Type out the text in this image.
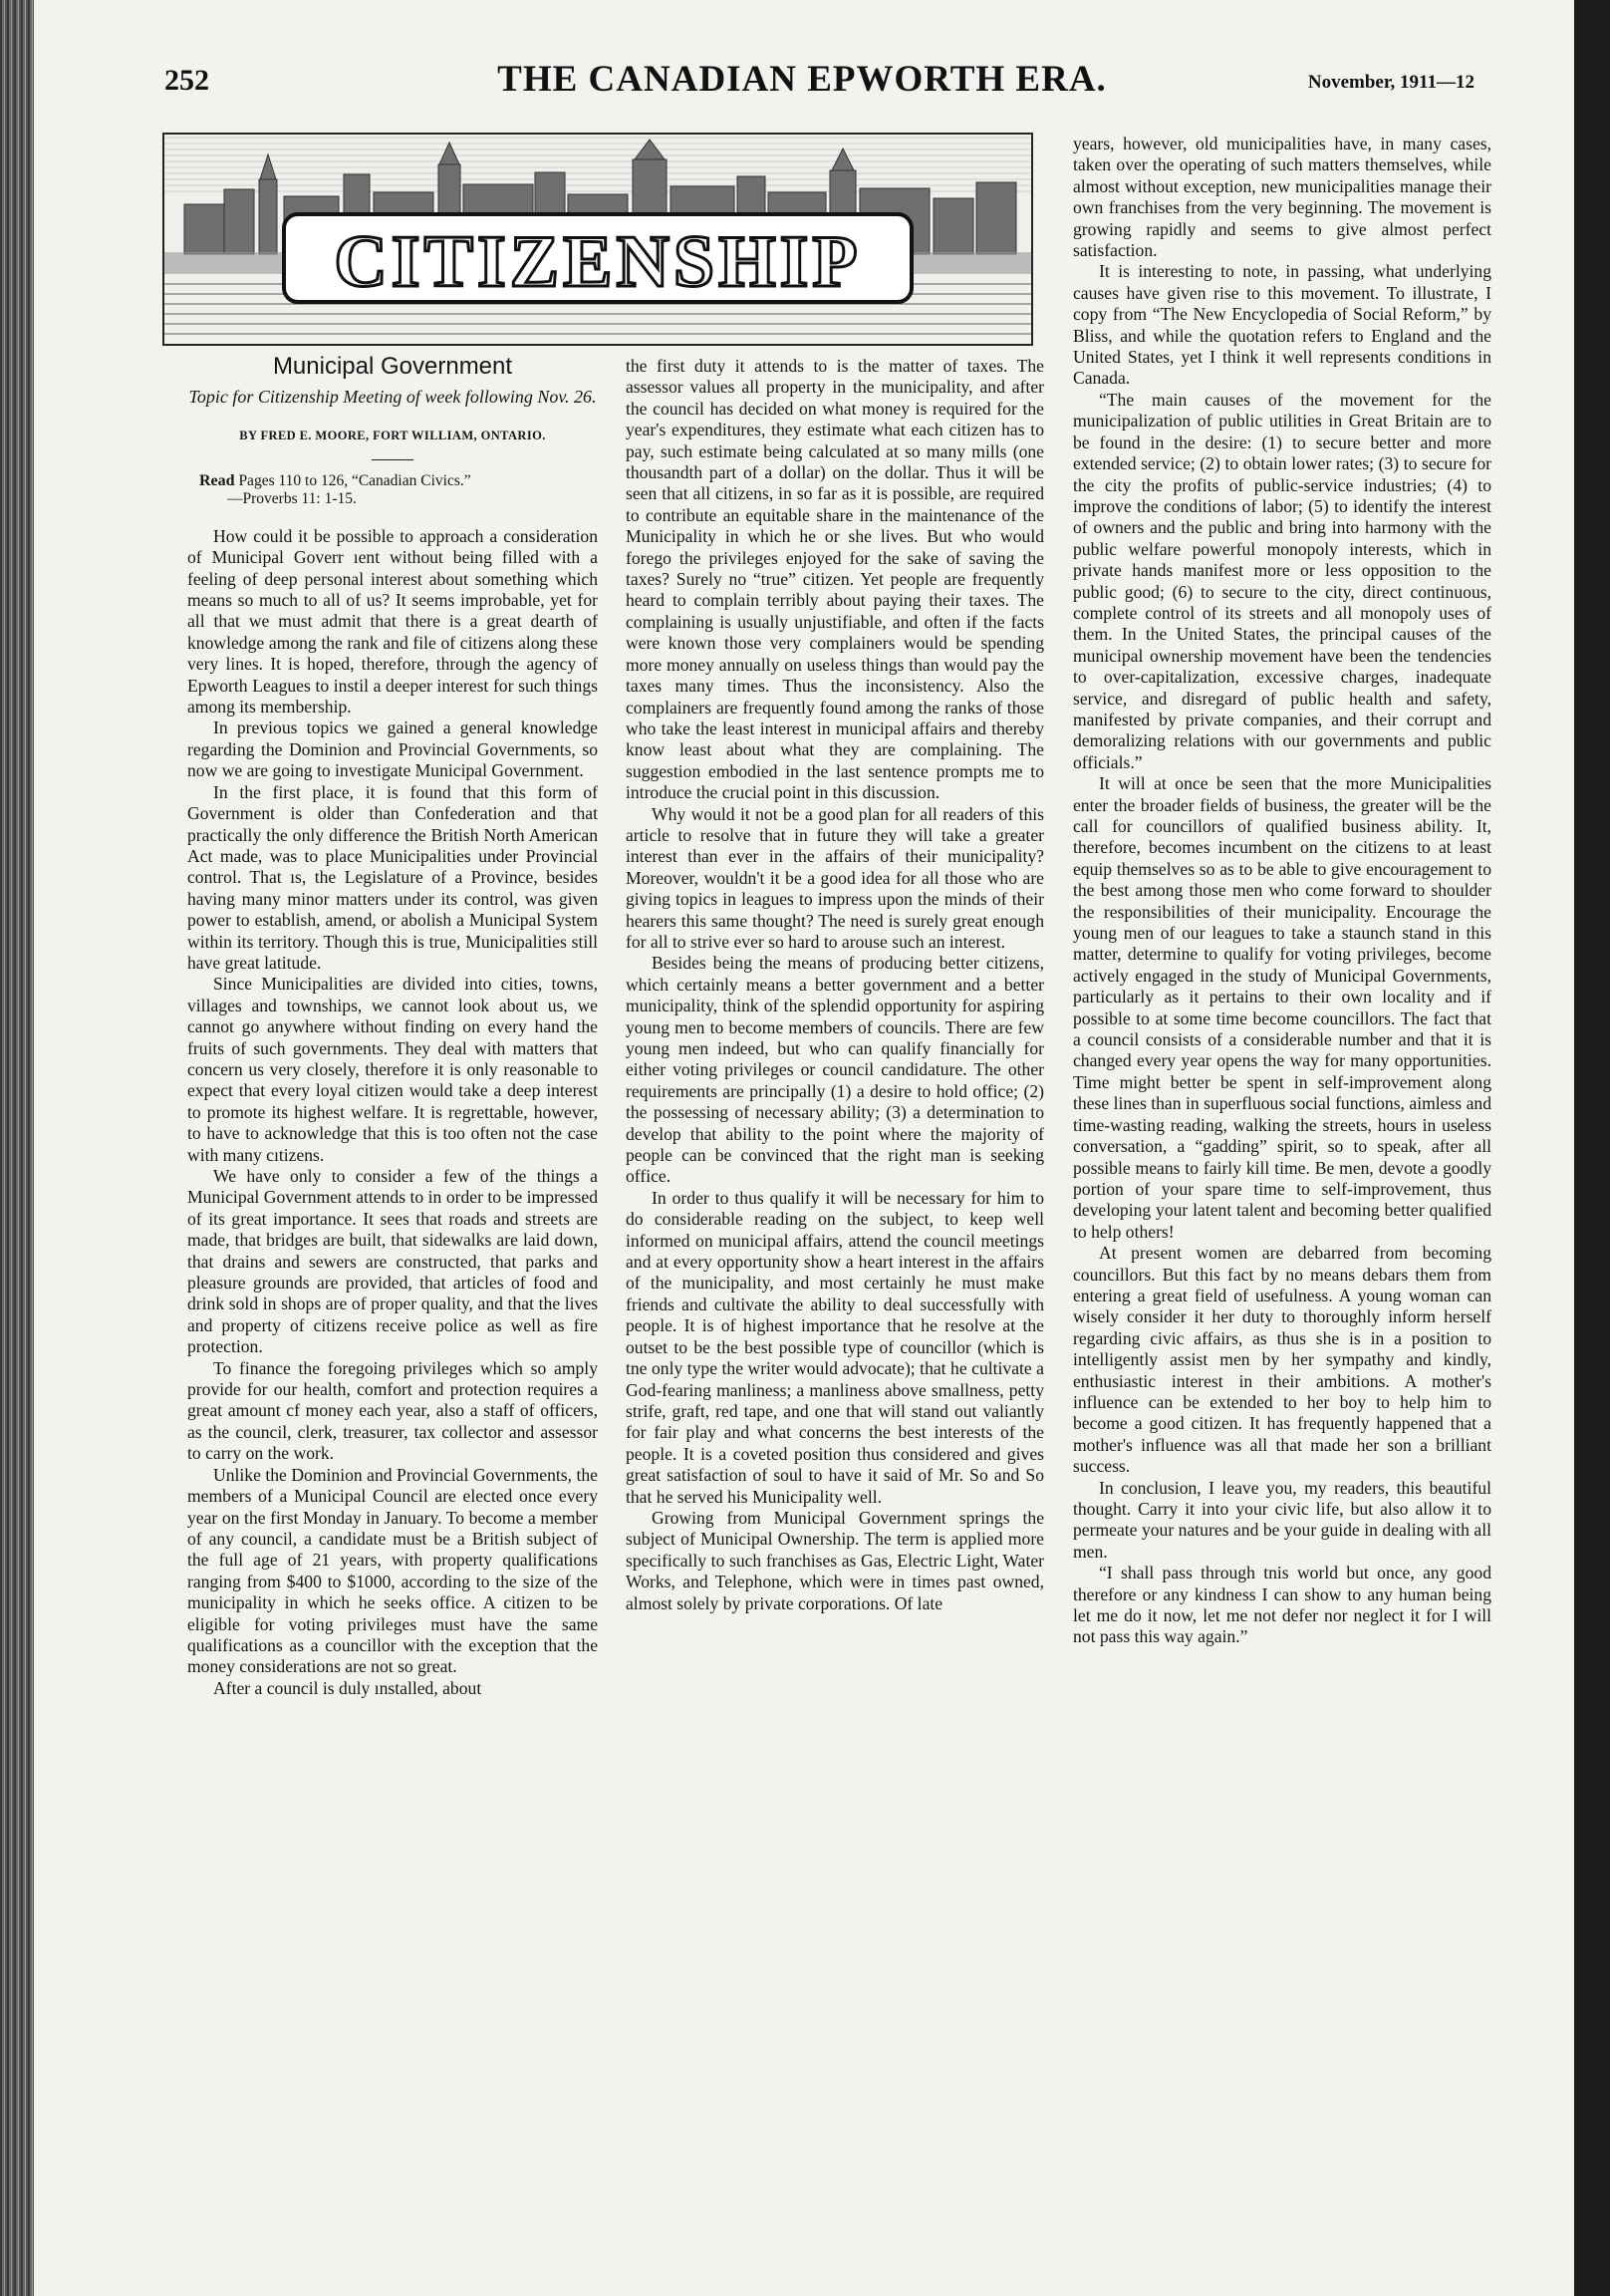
252	THE CANADIAN EPWORTH ERA.	November, 1911—12
CITIZENSHIP
Municipal Government
Topic for Citizenship Meeting of week following Nov. 26.
BY FRED E. MOORE, FORT WILLIAM, ONTARIO.
Read Pages 110 to 126, “Canadian Civics.”
—Proverbs 11: 1-15.

How could it be possible to approach a consideration of Municipal Goverr ıent without being filled with a feeling of deep personal interest about something which means so much to all of us? It seems improbable, yet for all that we must admit that there is a great dearth of knowledge among the rank and file of citizens along these very lines. It is hoped, therefore, through the agency of Epworth Leagues to instil a deeper interest for such things among its membership.

In previous topics we gained a general knowledge regarding the Dominion and Provincial Governments, so now we are going to investigate Municipal Government.

In the first place, it is found that this form of Government is older than Confederation and that practically the only difference the British North American Act made, was to place Municipalities under Provincial control. That ıs, the Legislature of a Province, besides having many minor matters under its control, was given power to establish, amend, or abolish a Municipal System within its territory. Though this is true, Municipalities still have great latitude.

Since Municipalities are divided into cities, towns, villages and townships, we cannot look about us, we cannot go anywhere without finding on every hand the fruits of such governments. They deal with matters that concern us very closely, therefore it is only reasonable to expect that every loyal citizen would take a deep interest to promote its highest welfare. It is regrettable, however, to have to acknowledge that this is too often not the case with many cıtizens.

We have only to consider a few of the things a Municipal Government attends to in order to be impressed of its great importance. It sees that roads and streets are made, that bridges are built, that sidewalks are laid down, that drains and sewers are constructed, that parks and pleasure grounds are provided, that articles of food and drink sold in shops are of proper quality, and that the lives and property of citizens receive police as well as fire protection.

To finance the foregoing privileges which so amply provide for our health, comfort and protection requires a great amount cf money each year, also a staff of officers, as the council, clerk, treasurer, tax collector and assessor to carry on the work.

Unlike the Dominion and Provincial Governments, the members of a Municipal Council are elected once every year on the first Monday in January. To become a member of any council, a candidate must be a British subject of the full age of 21 years, with property qualifications ranging from $400 to $1000, according to the size of the municipality in which he seeks office. A citizen to be eligible for voting privileges must have the same qualifications as a councillor with the exception that the money considerations are not so great.

After a council is duly ınstalled, about

the first duty it attends to is the matter of taxes. The assessor values all property in the municipality, and after the council has decided on what money is required for the year's expenditures, they estimate what each citizen has to pay, such estimate being calculated at so many mills (one thousandth part of a dollar) on the dollar. Thus it will be seen that all citizens, in so far as it is possible, are required to contribute an equitable share in the maintenance of the Municipality in which he or she lives. But who would forego the privileges enjoyed for the sake of saving the taxes? Surely no “true” citizen. Yet people are frequently heard to complain terribly about paying their taxes. The complaining is usually unjustifiable, and often if the facts were known those very complainers would be spending more money annually on useless things than would pay the taxes many times. Thus the inconsistency. Also the complainers are frequently found among the ranks of those who take the least interest in municipal affairs and thereby know least about what they are complaining. The suggestion embodied in the last sentence prompts me to introduce the crucial point in this discussion.

Why would it not be a good plan for all readers of this article to resolve that in future they will take a greater interest than ever in the affairs of their municipality? Moreover, wouldn't it be a good idea for all those who are giving topics in leagues to impress upon the minds of their hearers this same thought? The need is surely great enough for all to strive ever so hard to arouse such an interest.

Besides being the means of producing better citizens, which certainly means a better government and a better municipality, think of the splendid opportunity for aspiring young men to become members of councils. There are few young men indeed, but who can qualify financially for either voting privileges or council candidature. The other requirements are principally (1) a desire to hold office; (2) the possessing of necessary ability; (3) a determination to develop that ability to the point where the majority of people can be convinced that the right man is seeking office.

In order to thus qualify it will be necessary for him to do considerable reading on the subject, to keep well informed on municipal affairs, attend the council meetings and at every opportunity show a heart interest in the affairs of the municipality, and most certainly he must make friends and cultivate the ability to deal successfully with people. It is of highest importance that he resolve at the outset to be the best possible type of councillor (which is tne only type the writer would advocate); that he cultivate a God-fearing manliness; a manliness above smallness, petty strife, graft, red tape, and one that will stand out valiantly for fair play and what concerns the best interests of the people. It is a coveted position thus considered and gives great satisfaction of soul to have it said of Mr. So and So that he served his Municipality well.

Growing from Municipal Government springs the subject of Municipal Ownership. The term is applied more specifically to such franchises as Gas, Electric Light, Water Works, and Telephone, which were in times past owned, almost solely by private corporations. Of late

years, however, old municipalities have, in many cases, taken over the operating of such matters themselves, while almost without exception, new municipalities manage their own franchises from the very beginning. The movement is growing rapidly and seems to give almost perfect satisfaction.

It is interesting to note, in passing, what underlying causes have given rise to this movement. To illustrate, I copy from “The New Encyclopedia of Social Reform,” by Bliss, and while the quotation refers to England and the United States, yet I think it well represents conditions in Canada.

“The main causes of the movement for the municipalization of public utilities in Great Britain are to be found in the desire: (1) to secure better and more extended service; (2) to obtain lower rates; (3) to secure for the city the profits of public-service industries; (4) to improve the conditions of labor; (5) to identify the interest of owners and the public and bring into harmony with the public welfare powerful monopoly interests, which in private hands manifest more or less opposition to the public good; (6) to secure to the city, direct continuous, complete control of its streets and all monopoly uses of them. In the United States, the principal causes of the municipal ownership movement have been the tendencies to over-capitalization, excessive charges, inadequate service, and disregard of public health and safety, manifested by private companies, and their corrupt and demoralizing relations with our governments and public officials.”

It will at once be seen that the more Municipalities enter the broader fields of business, the greater will be the call for councillors of qualified business ability. It, therefore, becomes incumbent on the citizens to at least equip themselves so as to be able to give encouragement to the best among those men who come forward to shoulder the responsibilities of their municipality. Encourage the young men of our leagues to take a staunch stand in this matter, determine to qualify for voting privileges, become actively engaged in the study of Municipal Governments, particularly as it pertains to their own locality and if possible to at some time become councillors. The fact that a council consists of a considerable number and that it is changed every year opens the way for many opportunities. Time might better be spent in self-improvement along these lines than in superfluous social functions, aimless and time-wasting reading, walking the streets, hours in useless conversation, a “gadding” spirit, so to speak, after all possible means to fairly kill time. Be men, devote a goodly portion of your spare time to self-improvement, thus developing your latent talent and becoming better qualified to help others!

At present women are debarred from becoming councillors. But this fact by no means debars them from entering a great field of usefulness. A young woman can wisely consider it her duty to thoroughly inform herself regarding civic affairs, as thus she is in a position to intelligently assist men by her sympathy and kindly, enthusiastic interest in their ambitions. A mother's influence can be extended to her boy to help him to become a good citizen. It has frequently happened that a mother's influence was all that made her son a brilliant success.

In conclusion, I leave you, my readers, this beautiful thought. Carry it into your civic life, but also allow it to permeate your natures and be your guide in dealing with all men.

“I shall pass through tnis world but once, any good therefore or any kindness I can show to any human being let me do it now, let me not defer nor neglect it for I will not pass this way again.”
